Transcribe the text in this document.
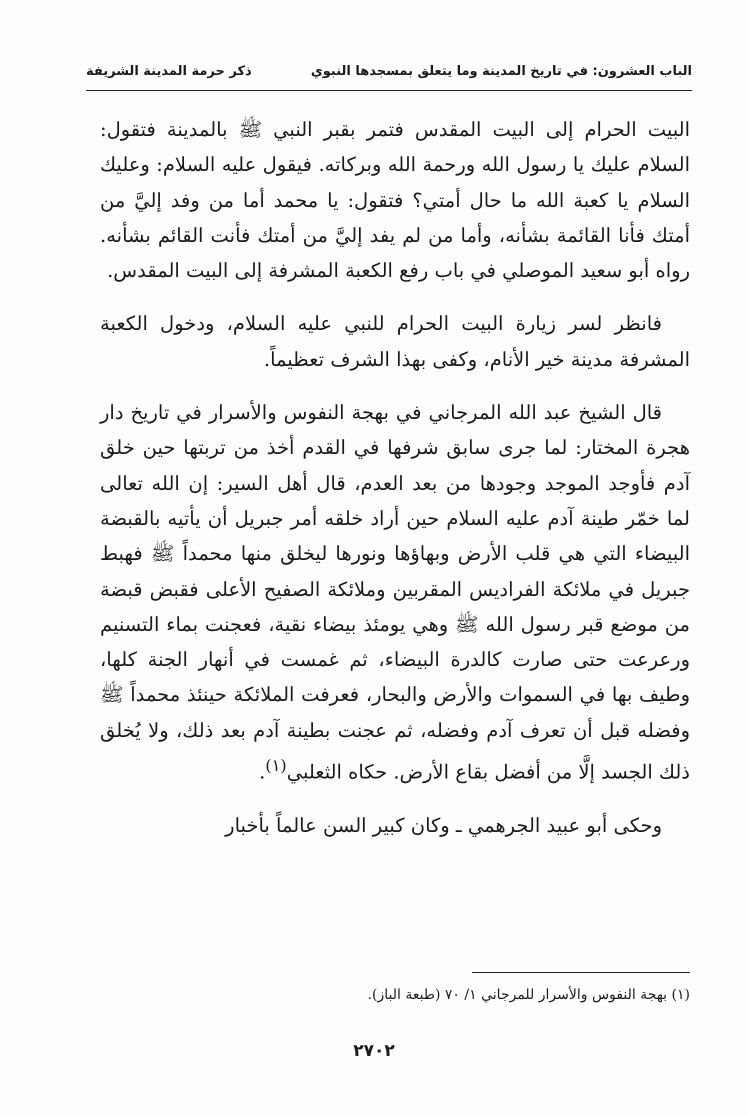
الباب العشرون: في تاريخ المدينة وما يتعلق بمسجدها النبوي
ذكر حرمة المدينة الشريفة

البيت الحرام إلى البيت المقدس فتمر بقبر النبي ﷺ بالمدينة فتقول: السلام عليك يا رسول الله ورحمة الله وبركاته. فيقول عليه السلام: وعليك السلام يا كعبة الله ما حال أمتي؟ فتقول: يا محمد أما من وفد إليَّ من أمتك فأنا القائمة بشأنه، وأما من لم يفد إليَّ من أمتك فأنت القائم بشأنه. رواه أبو سعيد الموصلي في باب رفع الكعبة المشرفة إلى البيت المقدس.

فانظر لسر زيارة البيت الحرام للنبي عليه السلام، ودخول الكعبة المشرفة مدينة خير الأنام، وكفى بهذا الشرف تعظيماً.

قال الشيخ عبد الله المرجاني في بهجة النفوس والأسرار في تاريخ دار هجرة المختار: لما جرى سابق شرفها في القدم أخذ من تربتها حين خلق آدم فأوجد الموجد وجودها من بعد العدم، قال أهل السير: إن الله تعالى لما خمّر طينة آدم عليه السلام حين أراد خلقه أمر جبريل أن يأتيه بالقبضة البيضاء التي هي قلب الأرض وبهاؤها ونورها ليخلق منها محمداً ﷺ فهبط جبريل في ملائكة الفراديس المقربين وملائكة الصفيح الأعلى فقبض قبضة من موضع قبر رسول الله ﷺ وهي يومئذ بيضاء نقية، فعجنت بماء التسنيم ورعرعت حتى صارت كالدرة البيضاء، ثم غمست في أنهار الجنة كلها، وطيف بها في السموات والأرض والبحار، فعرفت الملائكة حينئذ محمداً ﷺ وفضله قبل أن تعرف آدم وفضله، ثم عجنت بطينة آدم بعد ذلك، ولا يُخلق ذلك الجسد إلَّا من أفضل بقاع الأرض. حكاه الثعلبي$^{(١)}$.

وحكى أبو عبيد الجرهمي ـ وكان كبير السن عالماً بأخبار

(١) بهجة النفوس والأسرار للمرجاني ١/ ٧٠ (طبعة الباز).
٢٧٠٢
